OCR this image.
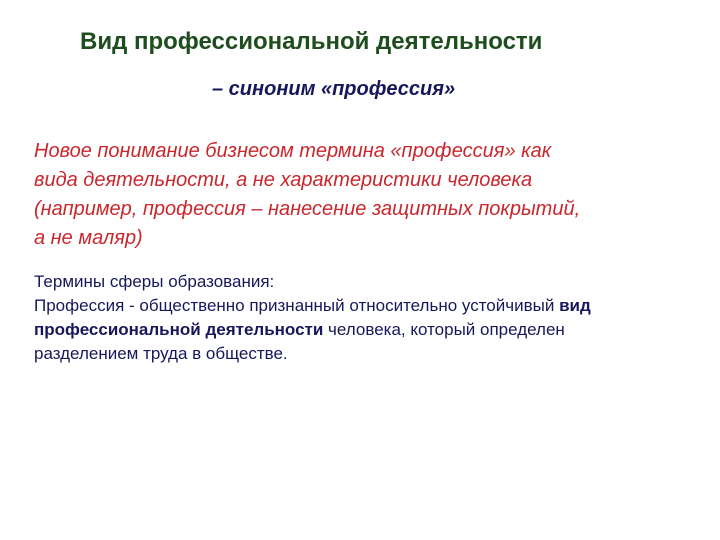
Вид профессиональной деятельности

– синоним «профессия»

Новое понимание бизнесом термина «профессия» как
вида деятельности, а не характеристики человека
(например, профессия – нанесение защитных покрытий,
а не маляр)

Термины сферы образования:
Профессия - общественно признанный относительно устойчивый вид
профессиональной деятельности человека, который определен
разделением труда в обществе.
